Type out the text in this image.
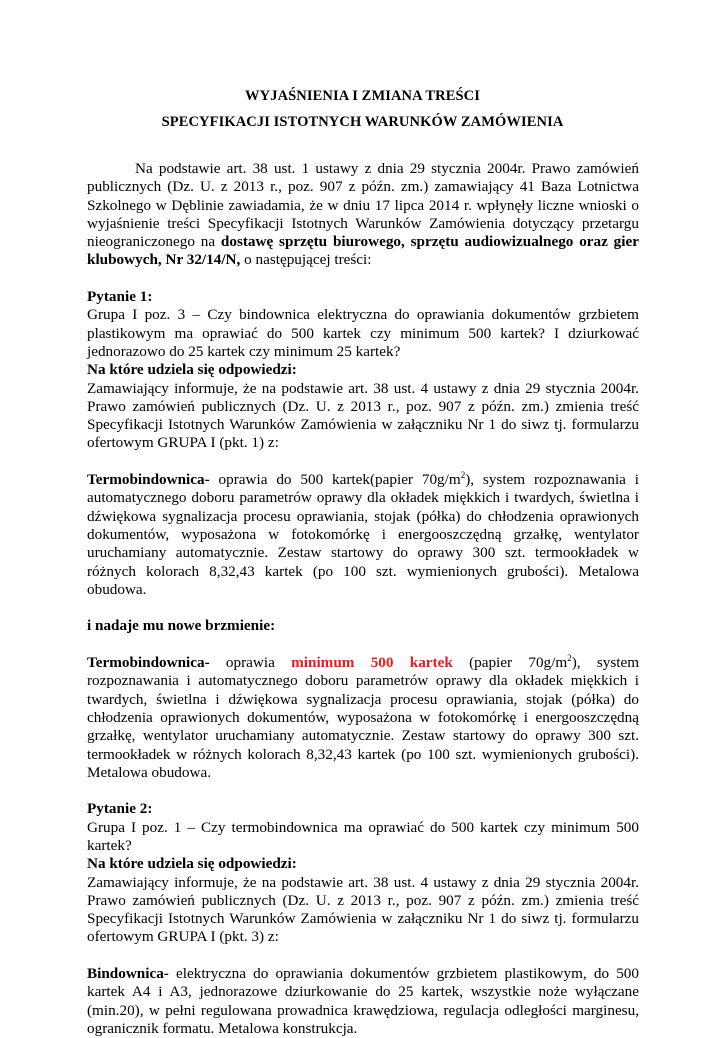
WYJAŚNIENIA I ZMIANA TREŚCI
SPECYFIKACJI ISTOTNYCH WARUNKÓW ZAMÓWIENIA

Na podstawie art. 38 ust. 1 ustawy z dnia 29 stycznia 2004r. Prawo zamówień publicznych (Dz. U. z 2013 r., poz. 907 z późn. zm.) zamawiający 41 Baza Lotnictwa Szkolnego w Dęblinie zawiadamia, że w dniu 17 lipca 2014 r. wpłynęły liczne wnioski o wyjaśnienie treści Specyfikacji Istotnych Warunków Zamówienia dotyczący przetargu nieograniczonego na dostawę sprzętu biurowego, sprzętu audiowizualnego oraz gier klubowych, Nr 32/14/N, o następującej treści:

Pytanie 1:

Grupa I poz. 3 – Czy bindownica elektryczna do oprawiania dokumentów grzbietem plastikowym ma oprawiać do 500 kartek czy minimum 500 kartek? I dziurkować jednorazowo do 25 kartek czy minimum 25 kartek?

Na które udziela się odpowiedzi:

Zamawiający informuje, że na podstawie art. 38 ust. 4 ustawy z dnia 29 stycznia 2004r. Prawo zamówień publicznych (Dz. U. z 2013 r., poz. 907 z późn. zm.) zmienia treść Specyfikacji Istotnych Warunków Zamówienia w załączniku Nr 1 do siwz tj. formularzu ofertowym GRUPA I (pkt. 1) z:

Termobindownica- oprawia do 500 kartek(papier $70g/m^2$), system rozpoznawania i automatycznego doboru parametrów oprawy dla okładek miękkich i twardych, świetlna i dźwiękowa sygnalizacja procesu oprawiania, stojak (półka) do chłodzenia oprawionych dokumentów, wyposażona w fotokomórkę i energooszczędną grzałkę, wentylator uruchamiany automatycznie. Zestaw startowy do oprawy 300 szt. termookładek w różnych kolorach 8,32,43 kartek (po 100 szt. wymienionych grubości). Metalowa obudowa.

i nadaje mu nowe brzmienie:

Termobindownica- oprawia minimum 500 kartek (papier $70g/m^2$), system rozpoznawania i automatycznego doboru parametrów oprawy dla okładek miękkich i twardych, świetlna i dźwiękowa sygnalizacja procesu oprawiania, stojak (półka) do chłodzenia oprawionych dokumentów, wyposażona w fotokomórkę i energooszczędną grzałkę, wentylator uruchamiany automatycznie. Zestaw startowy do oprawy 300 szt. termookładek w różnych kolorach 8,32,43 kartek (po 100 szt. wymienionych grubości). Metalowa obudowa.

Pytanie 2:

Grupa I poz. 1 – Czy termobindownica ma oprawiać do 500 kartek czy minimum 500 kartek?

Na które udziela się odpowiedzi:

Zamawiający informuje, że na podstawie art. 38 ust. 4 ustawy z dnia 29 stycznia 2004r. Prawo zamówień publicznych (Dz. U. z 2013 r., poz. 907 z późn. zm.) zmienia treść Specyfikacji Istotnych Warunków Zamówienia w załączniku Nr 1 do siwz tj. formularzu ofertowym GRUPA I (pkt. 3) z:

Bindownica- elektryczna do oprawiania dokumentów grzbietem plastikowym, do 500 kartek A4 i A3, jednorazowe dziurkowanie do 25 kartek, wszystkie noże wyłączane (min.20), w pełni regulowana prowadnica krawędziowa, regulacja odległości marginesu, ogranicznik formatu. Metalowa konstrukcja.
